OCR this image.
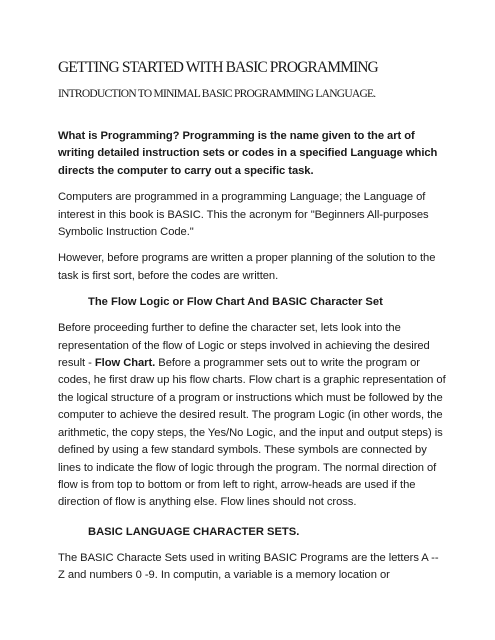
GETTING STARTED WITH BASIC PROGRAMMING
INTRODUCTION TO MINIMAL BASIC PROGRAMMING LANGUAGE.

What is Programming? Programming is the name given to the art of writing detailed instruction sets or codes in a specified Language which directs the computer to carry out a specific task.

Computers are programmed in a programming Language; the Language of interest in this book is BASIC. This the acronym for "Beginners All-purposes Symbolic Instruction Code."

However, before programs are written a proper planning of the solution to the task is first sort, before the codes are written.

The Flow Logic or Flow Chart And BASIC Character Set

Before proceeding further to define the character set, lets look into the representation of the flow of Logic or steps involved in achieving the desired result - Flow Chart. Before a programmer sets out to write the program or codes, he first draw up his flow charts. Flow chart is a graphic representation of the logical structure of a program or instructions which must be followed by the computer to achieve the desired result. The program Logic (in other words, the arithmetic, the copy steps, the Yes/No Logic, and the input and output steps) is defined by using a few standard symbols. These symbols are connected by lines to indicate the flow of logic through the program. The normal direction of flow is from top to bottom or from left to right, arrow-heads are used if the direction of flow is anything else. Flow lines should not cross.

BASIC LANGUAGE CHARACTER SETS.

The BASIC Characte Sets used in writing BASIC Programs are the letters A -- Z and numbers 0 -9. In computin, a variable is a memory location or
